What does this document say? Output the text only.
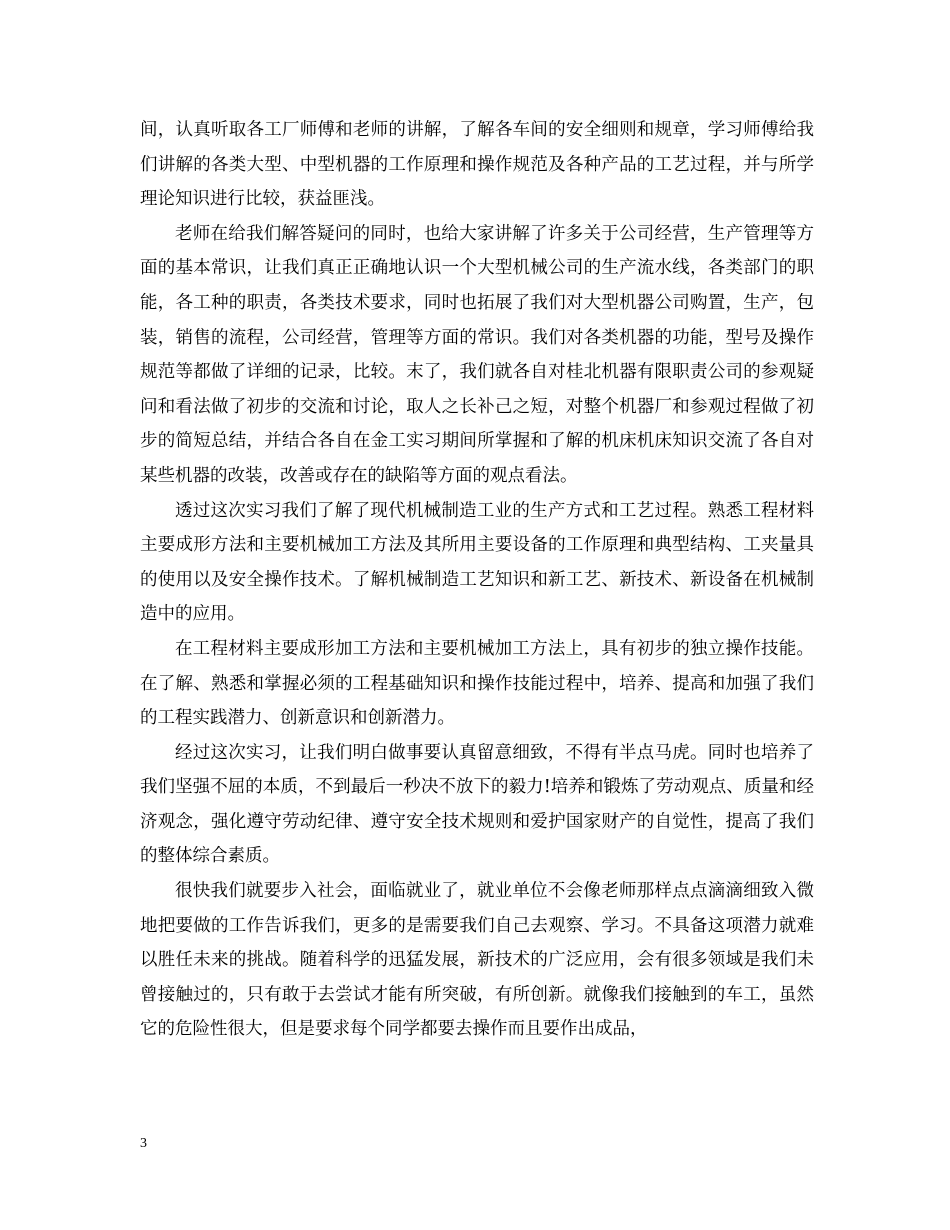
间，认真听取各工厂师傅和老师的讲解，了解各车间的安全细则和规章，学习师傅给我们讲解的各类大型、中型机器的工作原理和操作规范及各种产品的工艺过程，并与所学理论知识进行比较，获益匪浅。

老师在给我们解答疑问的同时，也给大家讲解了许多关于公司经营，生产管理等方面的基本常识，让我们真正正确地认识一个大型机械公司的生产流水线，各类部门的职能，各工种的职责，各类技术要求，同时也拓展了我们对大型机器公司购置，生产，包装，销售的流程，公司经营，管理等方面的常识。我们对各类机器的功能，型号及操作规范等都做了详细的记录，比较。末了，我们就各自对桂北机器有限职责公司的参观疑问和看法做了初步的交流和讨论，取人之长补己之短，对整个机器厂和参观过程做了初步的简短总结，并结合各自在金工实习期间所掌握和了解的机床机床知识交流了各自对某些机器的改装，改善或存在的缺陷等方面的观点看法。

透过这次实习我们了解了现代机械制造工业的生产方式和工艺过程。熟悉工程材料主要成形方法和主要机械加工方法及其所用主要设备的工作原理和典型结构、工夹量具的使用以及安全操作技术。了解机械制造工艺知识和新工艺、新技术、新设备在机械制造中的应用。

在工程材料主要成形加工方法和主要机械加工方法上，具有初步的独立操作技能。在了解、熟悉和掌握必须的工程基础知识和操作技能过程中，培养、提高和加强了我们的工程实践潜力、创新意识和创新潜力。

经过这次实习，让我们明白做事要认真留意细致，不得有半点马虎。同时也培养了我们坚强不屈的本质，不到最后一秒决不放下的毅力!培养和锻炼了劳动观点、质量和经济观念，强化遵守劳动纪律、遵守安全技术规则和爱护国家财产的自觉性，提高了我们的整体综合素质。

很快我们就要步入社会，面临就业了，就业单位不会像老师那样点点滴滴细致入微地把要做的工作告诉我们，更多的是需要我们自己去观察、学习。不具备这项潜力就难以胜任未来的挑战。随着科学的迅猛发展，新技术的广泛应用，会有很多领域是我们未曾接触过的，只有敢于去尝试才能有所突破，有所创新。就像我们接触到的车工，虽然它的危险性很大，但是要求每个同学都要去操作而且要作出成品，

3
